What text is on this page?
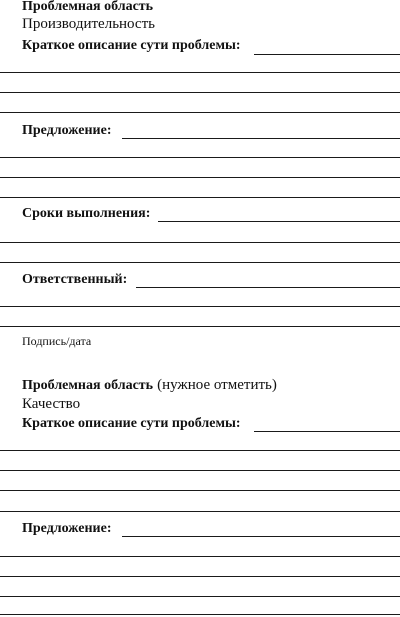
Проблемная область
Производительность
Краткое описание сути проблемы:
Предложение:
Сроки выполнения:
Ответственный:
Подпись/дата
Проблемная область (нужное отметить)
Качество
Краткое описание сути проблемы:
Предложение:
